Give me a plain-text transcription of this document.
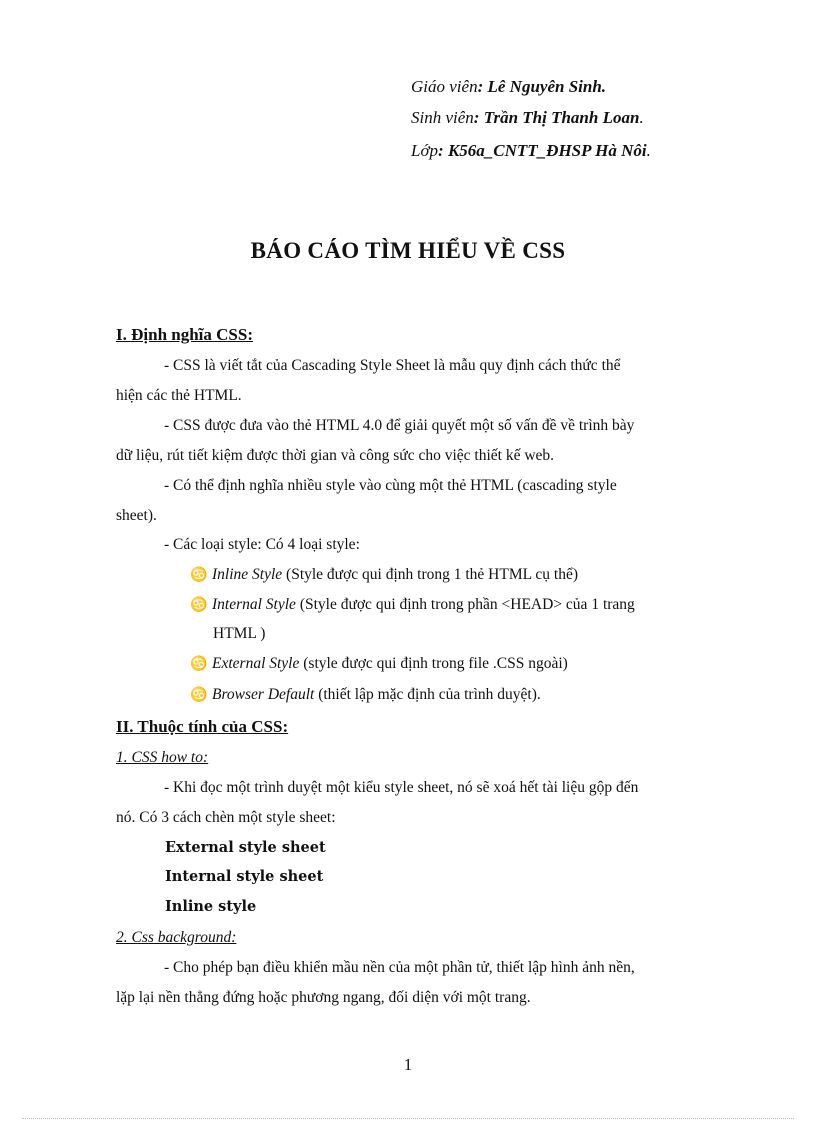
Giáo viên: Lê Nguyên Sinh.
Sinh viên: Trần Thị Thanh Loan.
Lớp: K56a_CNTT_ĐHSP Hà Nôi.
BÁO CÁO TÌM HIỂU VỀ CSS
I. Định nghĩa CSS:
- CSS là viết tắt của Cascading Style Sheet là mẫu quy định cách thức thể
hiện các thẻ HTML.
- CSS được đưa vào thẻ HTML 4.0 để giải quyết một số vấn đề về trình bày
dữ liệu, rút tiết kiệm được thời gian và công sức cho việc thiết kế web.
- Có thể định nghĩa nhiều style vào cùng một thẻ HTML (cascading style
sheet).
- Các loại style: Có 4 loại style:
♋ Inline Style (Style được qui định trong 1 thẻ HTML cụ thể)
♋ Internal Style (Style được qui định trong phần <HEAD> của 1 trang
HTML )
♋ External Style (style được qui định trong file .CSS ngoài)
♋ Browser Default (thiết lập mặc định của trình duyệt).
II. Thuộc tính của CSS:
1. CSS how to:
- Khi đọc một trình duyệt một kiểu style sheet, nó sẽ xoá hết tài liệu gộp đến
nó. Có 3 cách chèn một style sheet:
External style sheet
Internal style sheet
Inline style
2. Css background:
- Cho phép bạn điều khiển mầu nền của một phần tử, thiết lập hình ảnh nền,
lặp lại nền thẳng đứng hoặc phương ngang, đối diện với một trang.
1
